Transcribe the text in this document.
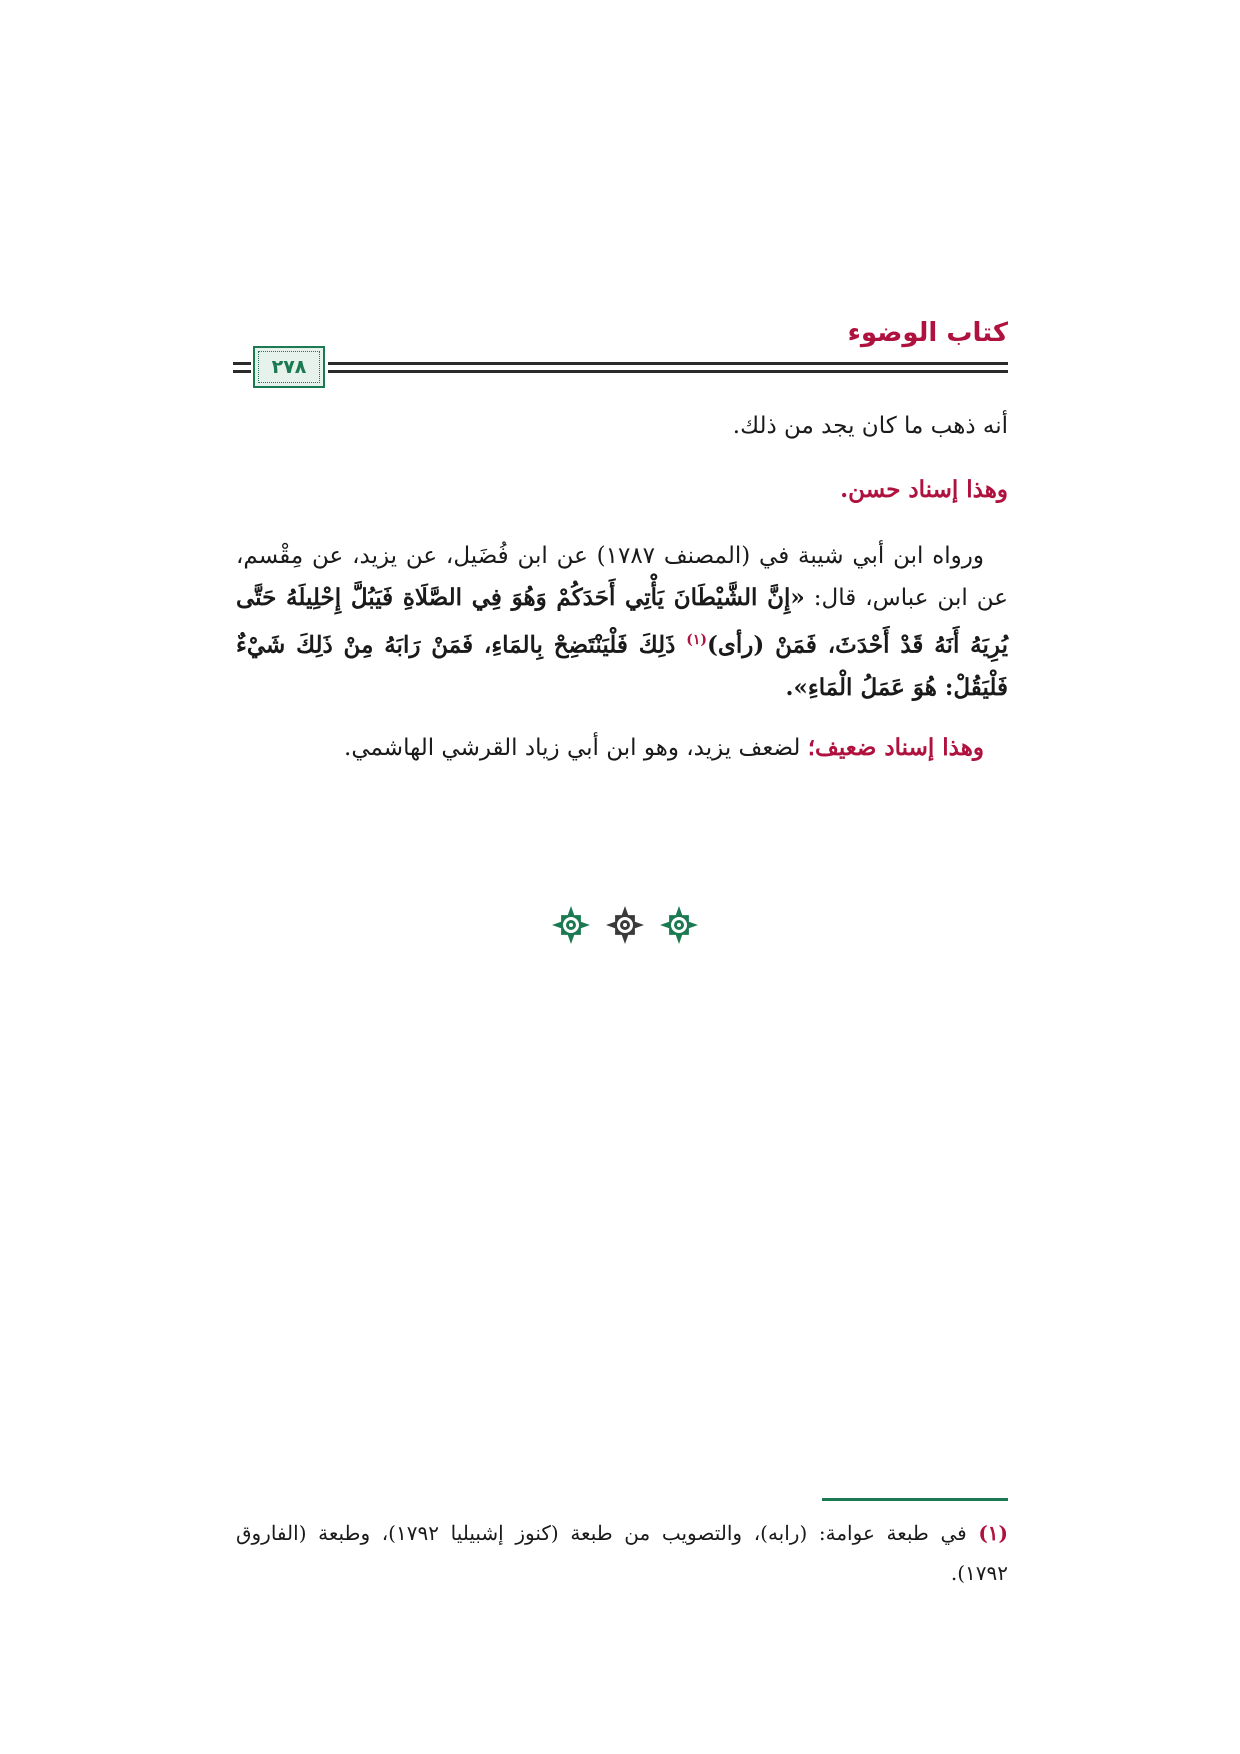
كتاب الوضوء
٢٧٨

أنه ذهب ما كان يجد من ذلك.

وهذا إسناد حسن.

ورواه ابن أبي شيبة في (المصنف ١٧٨٧) عن ابن فُضَيل، عن يزيد، عن مِقْسم، عن ابن عباس، قال: «إِنَّ الشَّيْطَانَ يَأْتِي أَحَدَكُمْ وَهُوَ فِي الصَّلَاةِ فَيَبُلَّ إِحْلِيلَهُ حَتَّى يُرِيَهُ أَنَهُ قَدْ أَحْدَثَ، فَمَنْ (رأى)$^{(١)}$ ذَلِكَ فَلْيَنْتَضِحْ بِالمَاءِ، فَمَنْ رَابَهُ مِنْ ذَلِكَ شَيْءٌ فَلْيَقُلْ: هُوَ عَمَلُ الْمَاءِ».

وهذا إسناد ضعيف؛ لضعف يزيد، وهو ابن أبي زياد القرشي الهاشمي.

(١) في طبعة عوامة: (رابه)، والتصويب من طبعة (كنوز إشبيليا ١٧٩٢)، وطبعة (الفاروق ١٧٩٢).
